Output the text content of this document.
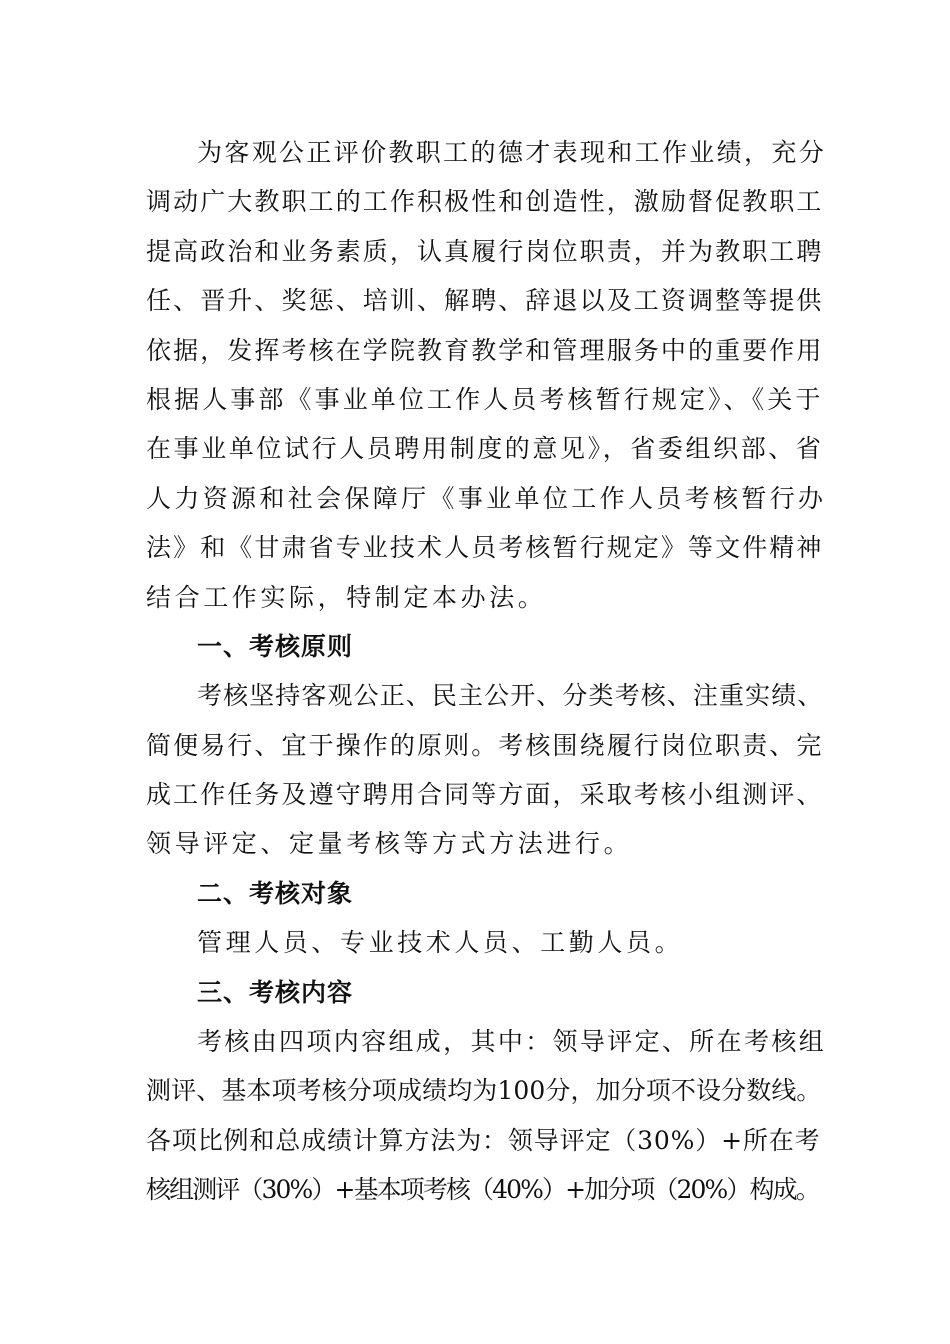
为客观公正评价教职工的德才表现和工作业绩，充分
调动广大教职工的工作积极性和创造性，激励督促教职工
提高政治和业务素质，认真履行岗位职责，并为教职工聘
任、晋升、奖惩、培训、解聘、辞退以及工资调整等提供
依据，发挥考核在学院教育教学和管理服务中的重要作用
根据人事部《事业单位工作人员考核暂行规定》、《关于
在事业单位试行人员聘用制度的意见》，省委组织部、省
人力资源和社会保障厅《事业单位工作人员考核暂行办
法》和《甘肃省专业技术人员考核暂行规定》等文件精神
结合工作实际，特制定本办法。
一、考核原则
考核坚持客观公正、民主公开、分类考核、注重实绩、
简便易行、宜于操作的原则。考核围绕履行岗位职责、完
成工作任务及遵守聘用合同等方面，采取考核小组测评、
领导评定、定量考核等方式方法进行。
二、考核对象
管理人员、专业技术人员、工勤人员。
三、考核内容
考核由四项内容组成，其中：领导评定、所在考核组
测评、基本项考核分项成绩均为100分，加分项不设分数线。
各项比例和总成绩计算方法为：领导评定（30%）+所在考
核组测评（30%）+基本项考核（40%）+加分项（20%）构成。
